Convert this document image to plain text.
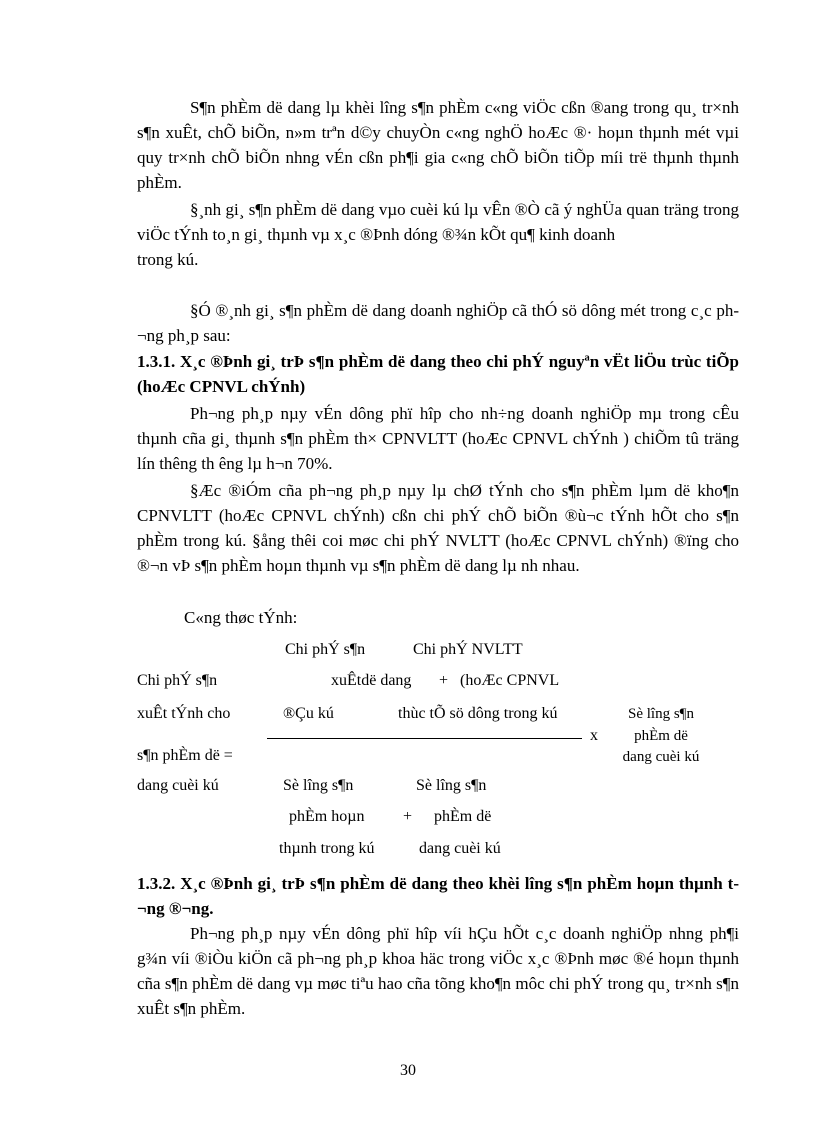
S¶n phÈm dë dang lµ khèi lîng s¶n phÈm c«ng viÖc cßn ®ang trong qu¸ tr×nh s¶n xuÊt, chÕ biÕn, n»m trªn d©y chuyÒn c«ng nghÖ hoÆc ®· hoµn thµnh mét vµi quy tr×nh chÕ biÕn nhng vÉn cßn ph¶i gia c«ng chÕ biÕn tiÕp míi trë thµnh thµnh phÈm.

§¸nh gi¸ s¶n phÈm dë dang vµo cuèi kú lµ vÊn ®Ò cã ý nghÜa quan träng trong viÖc tÝnh to¸n gi¸ thµnh vµ x¸c ®Þnh dóng ®¾n kÕt qu¶ kinh doanh
trong kú.

§Ó ®¸nh gi¸ s¶n phÈm dë dang doanh nghiÖp cã thÓ sö dông mét trong c¸c ph¬ng ph¸p sau:

1.3.1. X¸c ®Þnh gi¸ trÞ s¶n phÈm dë dang theo chi phÝ nguyªn vËt liÖu trùc tiÕp (hoÆc CPNVL chÝnh)

Ph¬ng ph¸p nµy vÉn dông phï hîp cho nh÷ng doanh nghiÖp mµ trong cÊu thµnh cña gi¸ thµnh s¶n phÈm th× CPNVLTT (hoÆc CPNVL chÝnh ) chiÕm tû träng lín thêng th êng lµ h¬n 70%.

§Æc ®iÓm cña ph¬ng ph¸p nµy lµ chØ tÝnh cho s¶n phÈm lµm dë kho¶n CPNVLTT (hoÆc CPNVL chÝnh) cßn chi phÝ chÕ biÕn ®ù¬c tÝnh hÕt cho s¶n phÈm trong kú. §ång thêi coi møc chi phÝ NVLTT (hoÆc CPNVL chÝnh) ®ïng cho ®¬n vÞ s¶n phÈm hoµn thµnh vµ s¶n phÈm dë dang lµ nh nhau.

C«ng thøc tÝnh:

Chi phÝ s¶n
xuÊt tÝnh cho
s¶n phÈm dë =
dang cuèi kú
Chi phÝ s¶n
xuÊtdë dang
®Çu kú
+
Chi phÝ NVLTT
(hoÆc CPNVL
thùc tÕ sö dông trong kú
Sè lîng s¶n
phÈm hoµn
thµnh trong kú
+
Sè lîng s¶n
phÈm dë
dang cuèi kú
x
Sè lîng s¶n
phÈm dë
dang cuèi kú

1.3.2. X¸c ®Þnh gi¸ trÞ s¶n phÈm dë dang theo khèi lîng s¶n phÈm hoµn thµnh t¬ng ®¬ng.

Ph¬ng ph¸p nµy vÉn dông phï hîp víi hÇu hÕt c¸c doanh nghiÖp nhng ph¶i g¾n víi ®iÒu kiÖn cã ph¬ng ph¸p khoa häc trong viÖc x¸c ®Þnh møc ®é hoµn thµnh cña s¶n phÈm dë dang vµ møc tiªu hao cña tõng kho¶n môc chi phÝ trong qu¸ tr×nh s¶n xuÊt s¶n phÈm.

30
